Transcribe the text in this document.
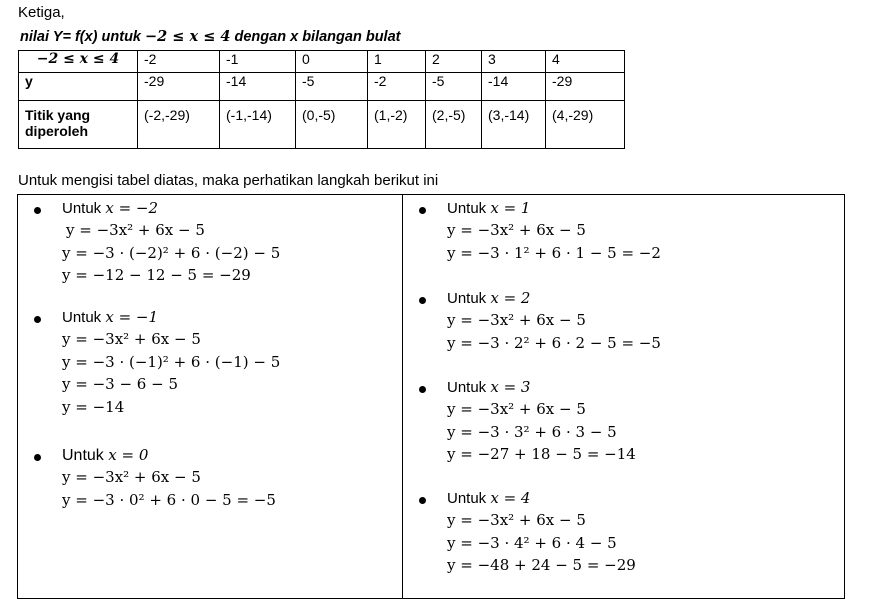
Ketiga,
nilai Y= f(x) untuk −2 ≤ x ≤ 4 dengan x bilangan bulat
−2 ≤ x ≤ 4	-2	-1	0	1	2	3	4
y	-29	-14	-5	-2	-5	-14	-29

Titik yang
diperoleh	(-2,-29)	(-1,-14)	(0,-5)	(1,-2)	(2,-5)	(3,-14)	(4,-29)
Untuk mengisi tabel diatas, maka perhatikan langkah berikut ini
Untuk x = −2
y = −3x² + 6x − 5
y = −3 · (−2)² + 6 · (−2) − 5
y = −12 − 12 − 5 = −29
Untuk x = −1
y = −3x² + 6x − 5
y = −3 · (−1)² + 6 · (−1) − 5
y = −3 − 6 − 5
y = −14
Untuk x = 0
y = −3x² + 6x − 5
y = −3 · 0² + 6 · 0 − 5 = −5
Untuk x = 1
y = −3x² + 6x − 5
y = −3 · 1² + 6 · 1 − 5 = −2
Untuk x = 2
y = −3x² + 6x − 5
y = −3 · 2² + 6 · 2 − 5 = −5
Untuk x = 3
y = −3x² + 6x − 5
y = −3 · 3² + 6 · 3 − 5
y = −27 + 18 − 5 = −14
Untuk x = 4
y = −3x² + 6x − 5
y = −3 · 4² + 6 · 4 − 5
y = −48 + 24 − 5 = −29
